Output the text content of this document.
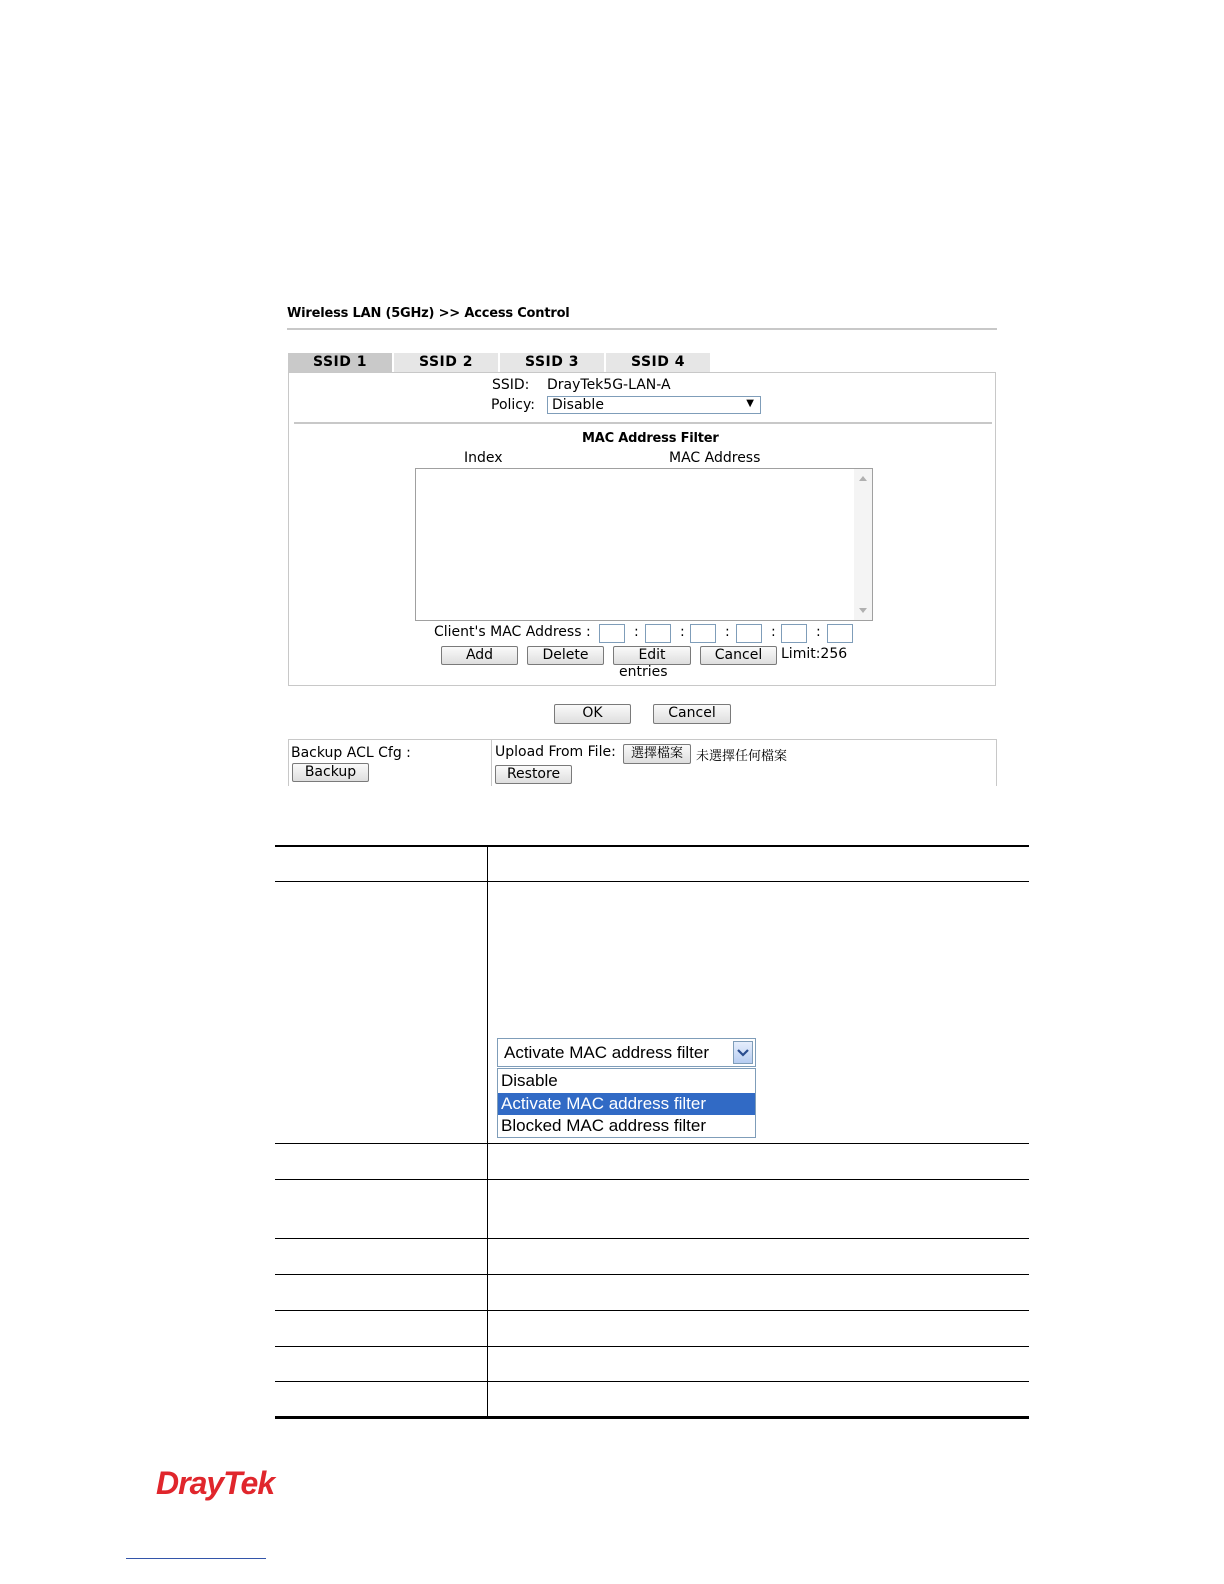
Wireless LAN (5GHz) >> Access Control
SSID 1	SSID 2	SSID 3	SSID 4
SSID: DrayTek5G-LAN-A
Policy:	Disable	▼
MAC Address Filter
Index	MAC Address
Client's MAC Address :	:	:	:	:	:
Add	Delete	Edit	Cancel	Limit:256
entries
OK	Cancel
Backup ACL Cfg :
Backup
Upload From File:	選擇檔案	未選擇任何檔案
Restore
Activate MAC address filter
Disable
Activate MAC address filter
Blocked MAC address filter
DrayTek
